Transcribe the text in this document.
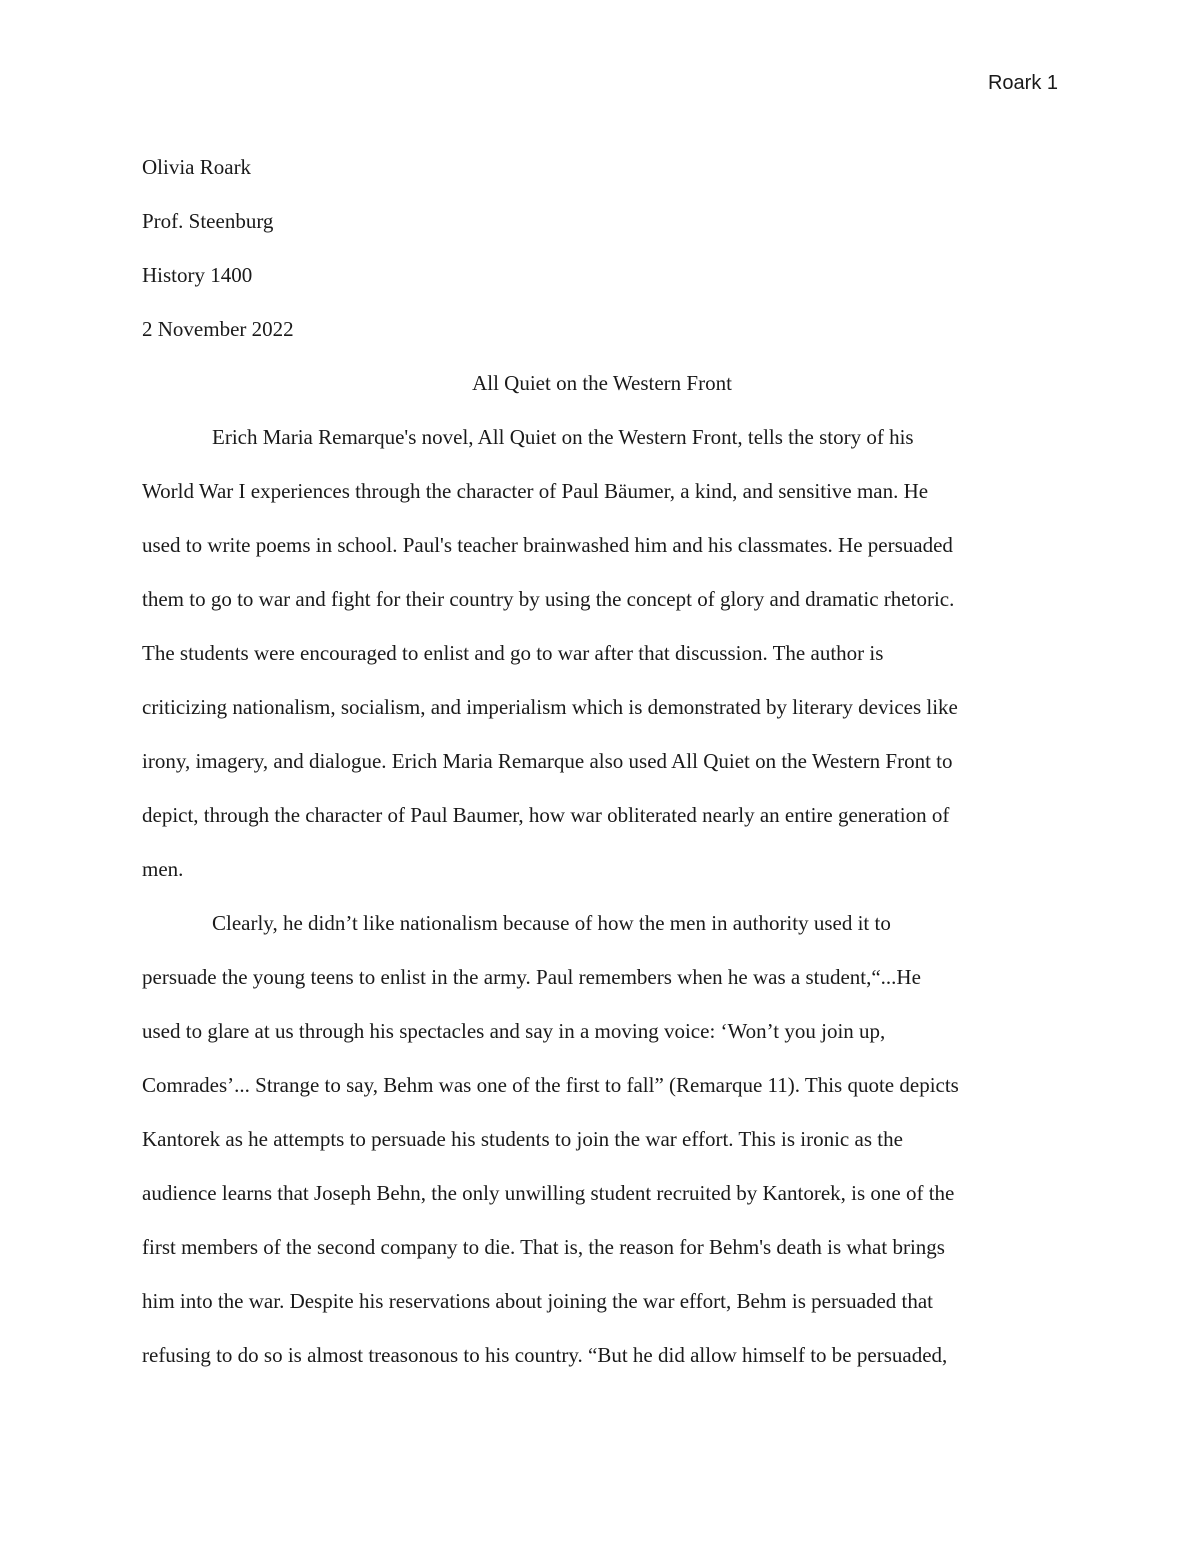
Roark 1

Olivia Roark

Prof. Steenburg

History 1400

2 November 2022

All Quiet on the Western Front

Erich Maria Remarque's novel, All Quiet on the Western Front, tells the story of his

World War I experiences through the character of Paul Bäumer, a kind, and sensitive man. He

used to write poems in school. Paul's teacher brainwashed him and his classmates. He persuaded

them to go to war and fight for their country by using the concept of glory and dramatic rhetoric.

The students were encouraged to enlist and go to war after that discussion. The author is

criticizing nationalism, socialism, and imperialism which is demonstrated by literary devices like

irony, imagery, and dialogue. Erich Maria Remarque also used All Quiet on the Western Front to

depict, through the character of Paul Baumer, how war obliterated nearly an entire generation of

men.

Clearly, he didn’t like nationalism because of how the men in authority used it to

persuade the young teens to enlist in the army. Paul remembers when he was a student,“...He

used to glare at us through his spectacles and say in a moving voice: ‘Won’t you join up,

Comrades’... Strange to say, Behm was one of the first to fall” (Remarque 11). This quote depicts

Kantorek as he attempts to persuade his students to join the war effort. This is ironic as the

audience learns that Joseph Behn, the only unwilling student recruited by Kantorek, is one of the

first members of the second company to die. That is, the reason for Behm's death is what brings

him into the war. Despite his reservations about joining the war effort, Behm is persuaded that

refusing to do so is almost treasonous to his country. “But he did allow himself to be persuaded,
